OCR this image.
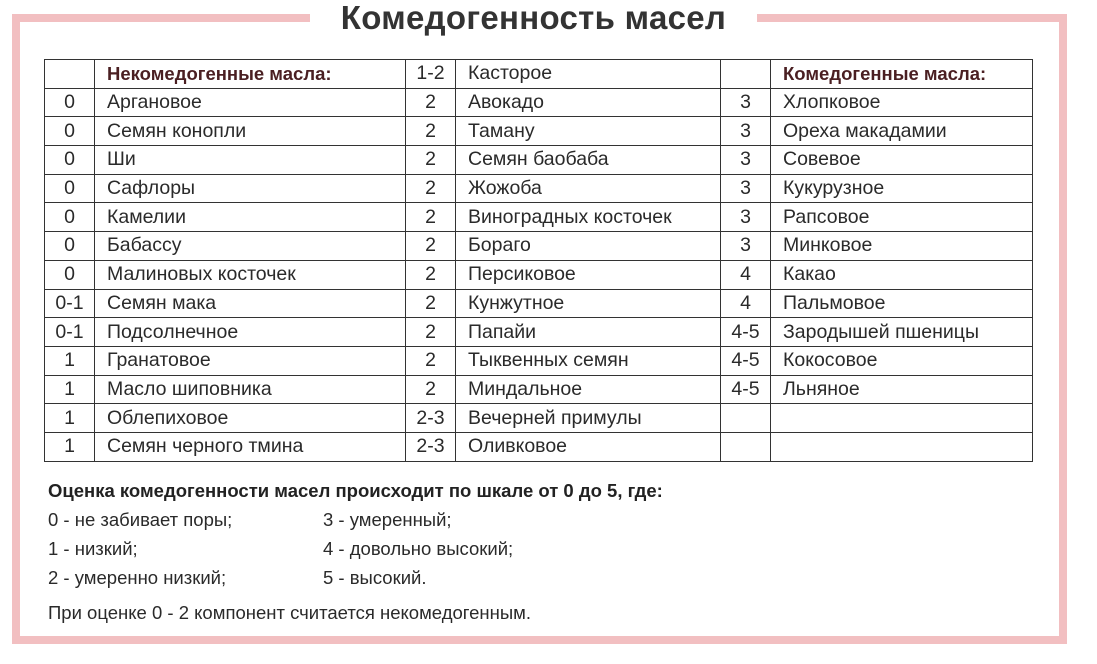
Комедогенность масел
	Некомедогенные масла:	1-2	Касторое		Комедогенные масла:
0	Аргановое	2	Авокадо	3	Хлопковое
0	Семян конопли	2	Таману	3	Ореха макадамии
0	Ши	2	Семян баобаба	3	Совевое
0	Сафлоры	2	Жожоба	3	Кукурузное
0	Камелии	2	Виноградных косточек	3	Рапсовое
0	Бабассу	2	Бораго	3	Минковое
0	Малиновых косточек	2	Персиковое	4	Какао
0-1	Семян мака	2	Кунжутное	4	Пальмовое
0-1	Подсолнечное	2	Папайи	4-5	Зародышей пшеницы
1	Гранатовое	2	Тыквенных семян	4-5	Кокосовое
1	Масло шиповника	2	Миндальное	4-5	Льняное
1	Облепиховое	2-3	Вечерней примулы		
1	Семян черного тмина	2-3	Оливковое		
Оценка комедогенности масел происходит по шкале от 0 до 5, где:
0 - не забивает поры;
1 - низкий;
2 - умеренно низкий;
3 - умеренный;
4 - довольно высокий;
5 - высокий.
При оценке 0 - 2 компонент считается некомедогенным.
